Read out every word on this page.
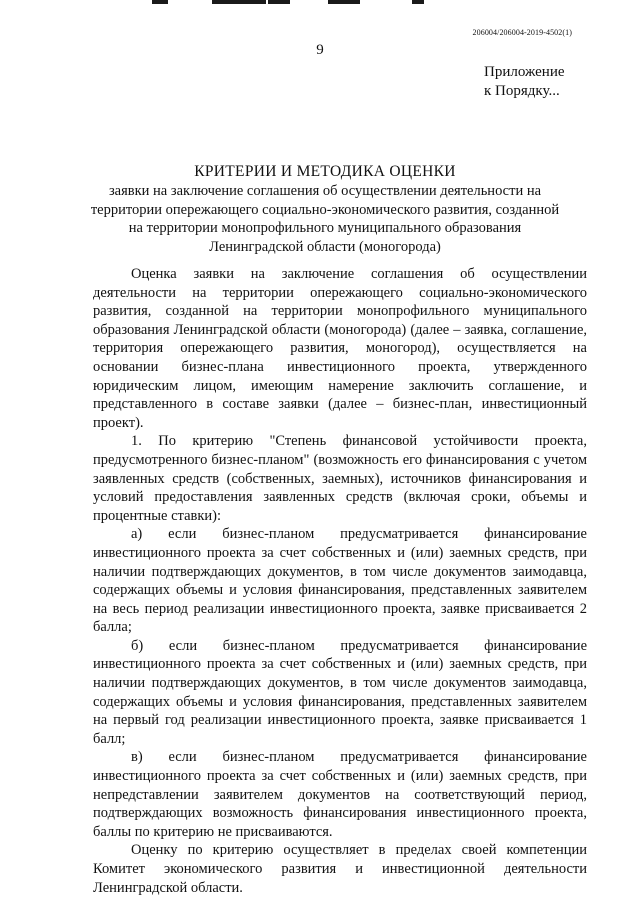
206004/206004-2019-4502(1)
9
Приложение
к Порядку...
КРИТЕРИИ И МЕТОДИКА ОЦЕНКИ
заявки на заключение соглашения об осуществлении деятельности на территории опережающего социально-экономического развития, созданной на территории монопрофильного муниципального образования Ленинградской области (моногорода)

Оценка заявки на заключение соглашения об осуществлении деятельности на территории опережающего социально-экономического развития, созданной на территории монопрофильного муниципального образования Ленинградской области (моногорода) (далее – заявка, соглашение, территория опережающего развития, моногород), осуществляется на основании бизнес-плана инвестиционного проекта, утвержденного юридическим лицом, имеющим намерение заключить соглашение, и представленного в составе заявки (далее – бизнес-план, инвестиционный проект).

1. По критерию "Степень финансовой устойчивости проекта, предусмотренного бизнес-планом" (возможность его финансирования с учетом заявленных средств (собственных, заемных), источников финансирования и условий предоставления заявленных средств (включая сроки, объемы и процентные ставки):

а) если бизнес-планом предусматривается финансирование инвестиционного проекта за счет собственных и (или) заемных средств, при наличии подтверждающих документов, в том числе документов заимодавца, содержащих объемы и условия финансирования, представленных заявителем на весь период реализации инвестиционного проекта, заявке присваивается 2 балла;

б) если бизнес-планом предусматривается финансирование инвестиционного проекта за счет собственных и (или) заемных средств, при наличии подтверждающих документов, в том числе документов заимодавца, содержащих объемы и условия финансирования, представленных заявителем на первый год реализации инвестиционного проекта, заявке присваивается 1 балл;

в) если бизнес-планом предусматривается финансирование инвестиционного проекта за счет собственных и (или) заемных средств, при непредставлении заявителем документов на соответствующий период, подтверждающих возможность финансирования инвестиционного проекта, баллы по критерию не присваиваются.

Оценку по критерию осуществляет в пределах своей компетенции Комитет экономического развития и инвестиционной деятельности Ленинградской области.
